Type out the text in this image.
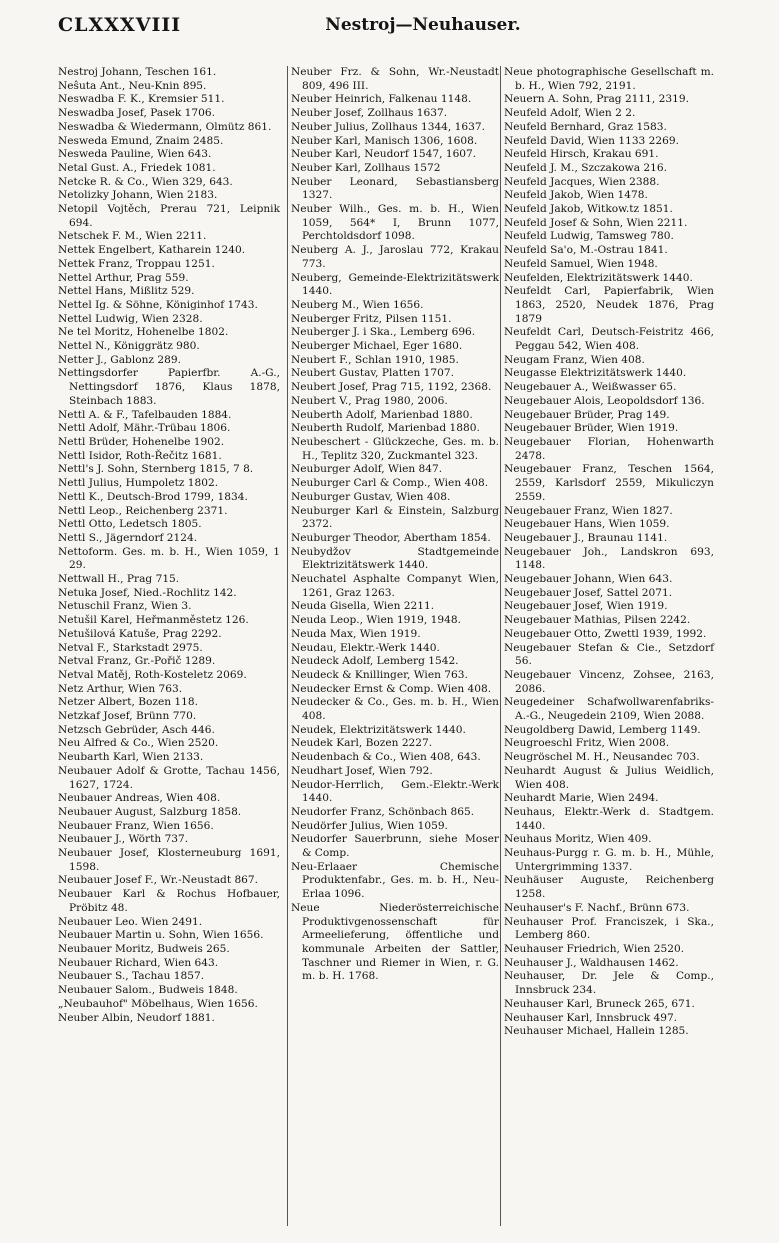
CLXXXVIII	Nestroj—Neuhauser.
Nestroj Johann, Teschen 161.
Neŝuta Ant., Neu-Knin 895.
Neswadba F. K., Kremsier 511.
Neswadba Josef, Pasek 1706.
Neswadba & Wiedermann, Olmütz 861.
Nesweda Emund, Znaim 2485.
Nesweda Pauline, Wien 643.
Netal Gust. A., Friedek 1081.
Netcke R. & Co., Wien 329, 643.
Netolizky Johann, Wien 2183.
Netopil Vojtěch, Prerau 721, Leipnik 694.
Netschek F. M., Wien 2211.
Nettek Engelbert, Katharein 1240.
Nettek Franz, Troppau 1251.
Nettel Arthur, Prag 559.
Nettel Hans, Mißlitz 529.
Nettel Ig. & Söhne, Königinhof 1743.
Nettel Ludwig, Wien 2328.
Ne tel Moritz, Hohenelbe 1802.
Nettel N., Königgrätz 980.
Netter J., Gablonz 289.
Nettingsdorfer Papierfbr. A.-G., Nettingsdorf 1876, Klaus 1878, Steinbach 1883.
Nettl A. & F., Tafelbauden 1884.
Nettl Adolf, Mähr.-Trübau 1806.
Nettl Brüder, Hohenelbe 1902.
Nettl Isidor, Roth-Řečitz 1681.
Nettl's J. Sohn, Sternberg 1815, 7 8.
Nettl Julius, Humpoletz 1802.
Nettl K., Deutsch-Brod 1799, 1834.
Nettl Leop., Reichenberg 2371.
Nettl Otto, Ledetsch 1805.
Nettl S., Jägerndorf 2124.
Nettoform. Ges. m. b. H., Wien 1059, 1 29.
Nettwall H., Prag 715.
Netuka Josef, Nied.-Rochlitz 142.
Netuschil Franz, Wien 3.
Netušil Karel, Heřmanměstetz 126.
Netušilová Katuše, Prag 2292.
Netval F., Starkstadt 2975.
Netval Franz, Gr.-Pořič 1289.
Netval Matěj, Roth-Kosteletz 2069.
Netz Arthur, Wien 763.
Netzer Albert, Bozen 118.
Netzkaf Josef, Brünn 770.
Netzsch Gebrüder, Asch 446.
Neu Alfred & Co., Wien 2520.
Neubarth Karl, Wien 2133.
Neubauer Adolf & Grotte, Tachau 1456, 1627, 1724.
Neubauer Andreas, Wien 408.
Neubauer August, Salzburg 1858.
Neubauer Franz, Wien 1656.
Neubauer J., Wörth 737.
Neubauer Josef, Klosterneuburg 1691, 1598.
Neubauer Josef F., Wr.-Neustadt 867.
Neubauer Karl & Rochus Hofbauer, Pröbitz 48.
Neubauer Leo. Wien 2491.
Neubauer Martin u. Sohn, Wien 1656.
Neubauer Moritz, Budweis 265.
Neubauer Richard, Wien 643.
Neubauer S., Tachau 1857.
Neubauer Salom., Budweis 1848.
„Neubauhof" Möbelhaus, Wien 1656.
Neuber Albin, Neudorf 1881.
Neuber Frz. & Sohn, Wr.-Neustadt 809, 496 III.
Neuber Heinrich, Falkenau 1148.
Neuber Josef, Zollhaus 1637.
Neuber Julius, Zollhaus 1344, 1637.
Neuber Karl, Manisch 1306, 1608.
Neuber Karl, Neudorf 1547, 1607.
Neuber Karl, Zollhaus 1572
Neuber Leonard, Sebastiansberg 1327.
Neuber Wilh., Ges. m. b. H., Wien 1059, 564* I, Brunn 1077, Perchtoldsdorf 1098.
Neuberg A. J., Jaroslau 772, Krakau 773.
Neuberg, Gemeinde-Elektrizitätswerk 1440.
Neuberg M., Wien 1656.
Neuberger Fritz, Pilsen 1151.
Neuberger J. i Ska., Lemberg 696.
Neuberger Michael, Eger 1680.
Neubert F., Schlan 1910, 1985.
Neubert Gustav, Platten 1707.
Neubert Josef, Prag 715, 1192, 2368.
Neubert V., Prag 1980, 2006.
Neuberth Adolf, Marienbad 1880.
Neuberth Rudolf, Marienbad 1880.
Neubeschert - Glückzeche, Ges. m. b. H., Teplitz 320, Zuckmantel 323.
Neuburger Adolf, Wien 847.
Neuburger Carl & Comp., Wien 408.
Neuburger Gustav, Wien 408.
Neuburger Karl & Einstein, Salzburg 2372.
Neuburger Theodor, Abertham 1854.
Neubydžov Stadtgemeinde Elektrizitätswerk 1440.
Neuchatel Asphalte Companyt Wien, 1261, Graz 1263.
Neuda Gisella, Wien 2211.
Neuda Leop., Wien 1919, 1948.
Neuda Max, Wien 1919.
Neudau, Elektr.-Werk 1440.
Neudeck Adolf, Lemberg 1542.
Neudeck & Knillinger, Wien 763.
Neudecker Ernst & Comp. Wien 408.
Neudecker & Co., Ges. m. b. H., Wien 408.
Neudek, Elektrizitätswerk 1440.
Neudek Karl, Bozen 2227.
Neudenbach & Co., Wien 408, 643.
Neudhart Josef, Wien 792.
Neudor-Herrlich, Gem.-Elektr.-Werk 1440.
Neudorfer Franz, Schönbach 865.
Neudörfer Julius, Wien 1059.
Neudorfer Sauerbrunn, siehe Moser & Comp.
Neu-Erlaaer Chemische Produktenfabr., Ges. m. b. H., Neu-Erlaa 1096.
Neue Niederösterreichische Produktivgenossenschaft für Armeelieferung, öffentliche und kommunale Arbeiten der Sattler, Taschner und Riemer in Wien, r. G. m. b. H. 1768.
Neue photographische Gesellschaft m. b. H., Wien 792, 2191.
Neuern A. Sohn, Prag 2111, 2319.
Neufeld Adolf, Wien 2 2.
Neufeld Bernhard, Graz 1583.
Neufeld David, Wien 1133 2269.
Neufeld Hirsch, Krakau 691.
Neufeld J. M., Szczakowa 216.
Neufeld Jacques, Wien 2388.
Neufeld Jakob, Wien 1478.
Neufeld Jakob, Witkow.tz 1851.
Neufeld Josef & Sohn, Wien 2211.
Neufeld Ludwig, Tamsweg 780.
Neufeld Sa'o, M.-Ostrau 1841.
Neufeld Samuel, Wien 1948.
Neufelden, Elektrizitätswerk 1440.
Neufeldt Carl, Papierfabrik, Wien 1863, 2520, Neudek 1876, Prag 1879
Neufeldt Carl, Deutsch-Feistritz 466, Peggau 542, Wien 408.
Neugam Franz, Wien 408.
Neugasse Elektrizitätswerk 1440.
Neugebauer A., Weißwasser 65.
Neugebauer Alois, Leopoldsdorf 136.
Neugebauer Brüder, Prag 149.
Neugebauer Brüder, Wien 1919.
Neugebauer Florian, Hohenwarth 2478.
Neugebauer Franz, Teschen 1564, 2559, Karlsdorf 2559, Mikuliczyn 2559.
Neugebauer Franz, Wien 1827.
Neugebauer Hans, Wien 1059.
Neugebauer J., Braunau 1141.
Neugebauer Joh., Landskron 693, 1148.
Neugebauer Johann, Wien 643.
Neugebauer Josef, Sattel 2071.
Neugebauer Josef, Wien 1919.
Neugebauer Mathias, Pilsen 2242.
Neugebauer Otto, Zwettl 1939, 1992.
Neugebauer Stefan & Cie., Setzdorf 56.
Neugebauer Vincenz, Zohsee, 2163, 2086.
Neugedeiner Schafwollwarenfabriks-A.-G., Neugedein 2109, Wien 2088.
Neugoldberg Dawid, Lemberg 1149.
Neugroeschl Fritz, Wien 2008.
Neugröschel M. H., Neusandec 703.
Neuhardt August & Julius Weidlich, Wien 408.
Neuhardt Marie, Wien 2494.
Neuhaus, Elektr.-Werk d. Stadtgem. 1440.
Neuhaus Moritz, Wien 409.
Neuhaus-Purgg r. G. m. b. H., Mühle, Untergrimming 1337.
Neuhäuser Auguste, Reichenberg 1258.
Neuhauser's F. Nachf., Brünn 673.
Neuhauser Prof. Franciszek, i Ska., Lemberg 860.
Neuhauser Friedrich, Wien 2520.
Neuhauser J., Waldhausen 1462.
Neuhauser, Dr. Jele & Comp., Innsbruck 234.
Neuhauser Karl, Bruneck 265, 671.
Neuhauser Karl, Innsbruck 497.
Neuhauser Michael, Hallein 1285.
